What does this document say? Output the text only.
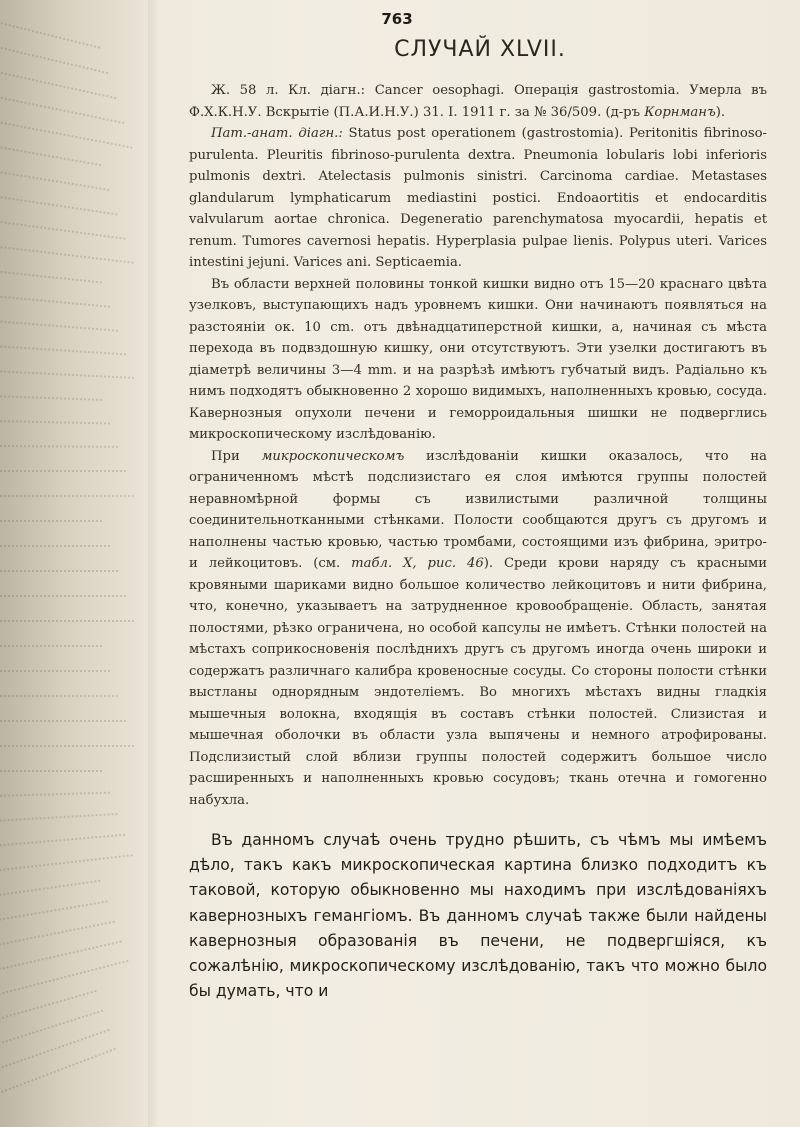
763
СЛУЧАЙ XLVII.

Ж. 58 л. Кл. діагн.: Cancer oesophagi. Операція gastrostomia. Умерла въ Ф.Х.К.Н.У. Вскрытіе (П.А.И.Н.У.) 31. I. 1911 г. за № 36/509. (д-ръ Корнманъ).

Пат.-анат. діагн.: Status post operationem (gastrostomia). Peritonitis fibrinoso-purulenta. Pleuritis fibrinoso-purulenta dextra. Pneumonia lobularis lobi inferioris pulmonis dextri. Atelectasis pulmonis sinistri. Carcinoma cardiae. Metastases glandularum lymphaticarum mediastini postici. Endoaortitis et endocarditis valvularum aortae chronica. Degeneratio parenchymatosa myocardii, hepatis et renum. Tumores cavernosi hepatis. Hyperplasia pulpae lienis. Polypus uteri. Varices intestini jejuni. Varices ani. Septicaemia.

Въ области верхней половины тонкой кишки видно отъ 15—20 краснаго цвѣта узелковъ, выступающихъ надъ уровнемъ кишки. Они начинаютъ появляться на разстояніи ок. 10 cm. отъ двѣнадцатиперстной кишки, а, начиная съ мѣста перехода въ подвздошную кишку, они отсутствуютъ. Эти узелки достигаютъ въ діаметрѣ величины 3—4 mm. и на разрѣзѣ имѣютъ губчатый видъ. Радіально къ нимъ подходятъ обыкновенно 2 хорошо видимыхъ, наполненныхъ кровью, сосуда. Кавернозныя опухоли печени и геморроидальныя шишки не подверглись микроскопическому изслѣдованію.

При микроскопическомъ изслѣдованіи кишки оказалось, что на ограниченномъ мѣстѣ подслизистаго ея слоя имѣются группы полостей неравномѣрной формы съ извилистыми различной толщины соединительнотканными стѣнками. Полости сообщаются другъ съ другомъ и наполнены частью кровью, частью тромбами, состоящими изъ фибрина, эритро- и лейкоцитовъ. (см. табл. X, рис. 46). Среди крови наряду съ красными кровяными шариками видно большое количество лейкоцитовъ и нити фибрина, что, конечно, указываетъ на затрудненное кровообращеніе. Область, занятая полостями, рѣзко ограничена, но особой капсулы не имѣетъ. Стѣнки полостей на мѣстахъ соприкосновенія послѣднихъ другъ съ другомъ иногда очень широки и содержатъ различнаго калибра кровеносные сосуды. Со стороны полости стѣнки выстланы однорядным эндотеліемъ. Во многихъ мѣстахъ видны гладкія мышечныя волокна, входящія въ составъ стѣнки полостей. Слизистая и мышечная оболочки въ области узла выпячены и немного атрофированы. Подслизистый слой вблизи группы полостей содержитъ большое число расширенныхъ и наполненныхъ кровью сосудовъ; ткань отечна и гомогенно набухла.

Въ данномъ случаѣ очень трудно рѣшить, съ чѣмъ мы имѣемъ дѣло, такъ какъ микроскопическая картина близко подходитъ къ таковой, которую обыкновенно мы находимъ при изслѣдованіяхъ кавернозныхъ гемангіомъ. Въ данномъ случаѣ также были найдены кавернозныя образованія въ печени, не подвергшіяся, къ сожалѣнію, микроскопическому изслѣдованію, такъ что можно было бы думать, что и
